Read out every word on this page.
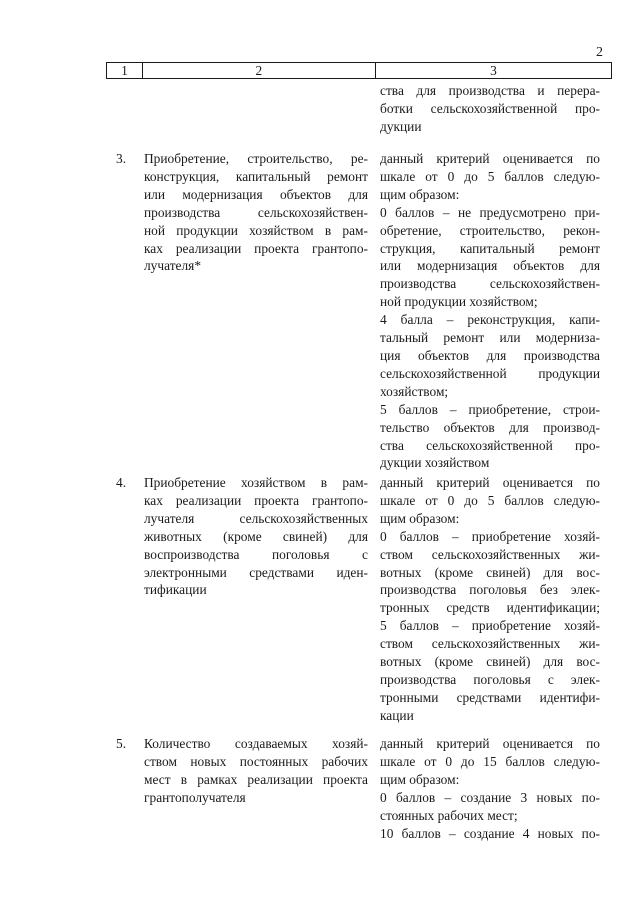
2
1	2	3
ства для производства и перера-
ботки сельскохозяйственной про-
дукции
3. Приобретение, строительство, ре-
конструкция, капитальный ремонт
или модернизация объектов для
производства сельскохозяйствен-
ной продукции хозяйством в рам-
ках реализации проекта грантопо-
лучателя*
данный критерий оценивается по
шкале от 0 до 5 баллов следую-
щим образом:
0 баллов – не предусмотрено при-
обретение, строительство, рекон-
струкция, капитальный ремонт
или модернизация объектов для
производства сельскохозяйствен-
ной продукции хозяйством;
4 балла – реконструкция, капи-
тальный ремонт или модерниза-
ция объектов для производства
сельскохозяйственной продукции
хозяйством;
5 баллов – приобретение, строи-
тельство объектов для производ-
ства сельскохозяйственной про-
дукции хозяйством
4. Приобретение хозяйством в рам-
ках реализации проекта грантопо-
лучателя сельскохозяйственных
животных (кроме свиней) для
воспроизводства поголовья с
электронными средствами иден-
тификации
данный критерий оценивается по
шкале от 0 до 5 баллов следую-
щим образом:
0 баллов – приобретение хозяй-
ством сельскохозяйственных жи-
вотных (кроме свиней) для вос-
производства поголовья без элек-
тронных средств идентификации;
5 баллов – приобретение хозяй-
ством сельскохозяйственных жи-
вотных (кроме свиней) для вос-
производства поголовья с элек-
тронными средствами идентифи-
кации
5. Количество создаваемых хозяй-
ством новых постоянных рабочих
мест в рамках реализации проекта
грантополучателя
данный критерий оценивается по
шкале от 0 до 15 баллов следую-
щим образом:
0 баллов – создание 3 новых по-
стоянных рабочих мест;
10 баллов – создание 4 новых по-
